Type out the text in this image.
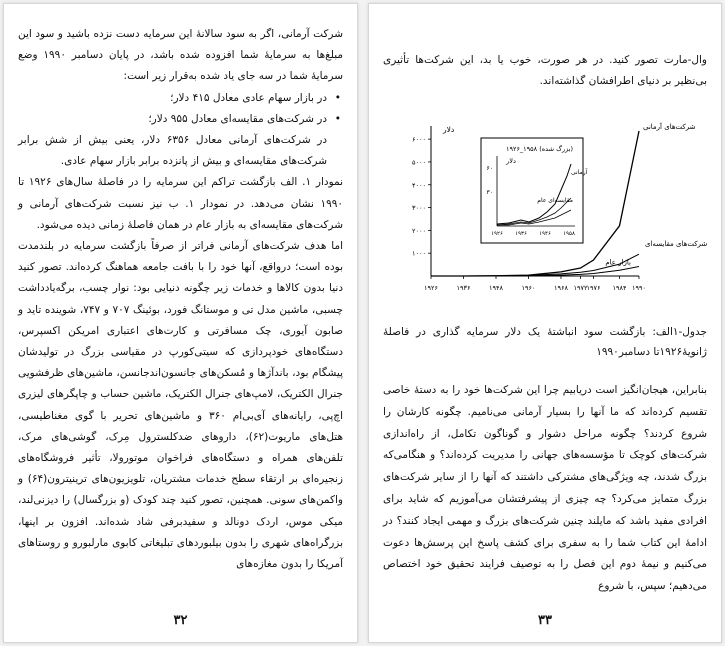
شرکت آرمانی، اگر به سود سالانهٔ این سرمایه دست نزده باشید و سود این مبلغ‌ها به سرمایهٔ شما افزوده شده باشد، در پایان دسامبر ۱۹۹۰ وضع سرمایهٔ شما در سه جای یاد شده به‌قرار زیر است:

• در بازار سهام عادی معادل ۴۱۵ دلار؛
• در شرکت‌های مقایسه‌ای معادل ۹۵۵ دلار؛

در شرکت‌های آرمانی معادل ۶۳۵۶ دلار، یعنی بیش از شش برابر شرکت‌های مقایسه‌ای و بیش از پانزده برابر بازار سهام عادی.

نمودار ۱. الف بازگشت تراکم این سرمایه را در فاصلهٔ سال‌های ۱۹۲۶ تا ۱۹۹۰ نشان می‌دهد. در نمودار ۱. ب نیز نسبت شرکت‌های آرمانی و شرکت‌های مقایسه‌ای به بازار عام در همان فاصلهٔ زمانی دیده می‌شود.

اما هدف شرکت‌های آرمانی فراتر از صرفاً بازگشت سرمایه در بلندمدت بوده است؛ درواقع، آنها خود را با بافت جامعه هماهنگ کرده‌اند. تصور کنید دنیا بدون کالاها و خدمات زیر چگونه دنیایی بود: نوار چسب، برگه‌یادداشت چسبی، ماشین مدل تی و موستانگ فورد، بوئینگ ۷۰۷ و ۷۴۷، شوینده تاید و صابون آیوری، چک مسافرتی و کارت‌های اعتباری امریکن اکسپرس، دستگاه‌های خودپردازی که سیتی‌کورپ در مقیاسی بزرگ در تولیدشان پیشگام بود، باندآژها و مُسکن‌های جانسون‌اندجانسن، ماشین‌های ظرفشویی جنرال الکتریک، لامپ‌های جنرال الکتریک، ماشین حساب و چاپگرهای لیزری اچ‌پی، رایانه‌های آی‌بی‌ام ۳۶۰ و ماشین‌های تحریر با گوی مغناطیسی، هتل‌های ماریوت(۶۲)، داروهای ضدکلسترول مِرک، گوشی‌های مرک، تلفن‌های همراه و دستگاه‌های فراخوان موتورولا، تأثیر فروشگاه‌های زنجیره‌ای بر ارتقاء سطح خدمات مشتریان، تلویزیون‌های ترینیترون(۶۴) و واکمن‌های سونی. همچنین، تصور کنید چند کودک (و بزرگسال) را دیزنی‌لند، میکی موس، اردک دونالد و سفیدبرفی شاد شده‌اند. افزون بر اینها، بزرگراه‌های شهری را بدون بیلبوردهای تبلیغاتی کابوی مارلبورو و روستاهای آمریکا را بدون مغازه‌های

۳۲
وال-مارت تصور کنید. در هر صورت، خوب یا بد، این شرکت‌ها تأثیری بی‌نظیر بر دنیای اطرافشان گذاشته‌اند.
۱۰۰۰
۲۰۰۰
۳۰۰۰
۴۰۰۰
۵۰۰۰
۶۰۰۰
۱۹۲۶	۱۹۳۶	۱۹۴۸	۱۹۶۰	۱۹۶۸ ۱۹۷۲ ۱۹۷۶ ۱۹۸۴ ۱۹۹۰
دلار	شرکت‌های آرمانی
شرکت‌های مقایسه‌ای
بازار عام
۱۹۲۶_۱۹۵۸ (بزرگ شده)
دلار
۶۰
۳۰
آرمانی
مقایسه‌ای عام
۱۹۲۶ ۱۹۳۶ ۱۹۴۶ ۱۹۵۸
جدول-۱الف: بازگشت سود انباشتهٔ یک دلار سرمایه گذاری در فاصلهٔ ژانویهٔ۱۹۲۶تا دسامبر۱۹۹۰
بنابراین، هیجان‌انگیز است دریابیم چرا این شرکت‌ها خود را به دستهٔ خاصی تقسیم کرده‌اند که ما آنها را بسیار آرمانی می‌نامیم. چگونه کارشان را شروع کردند؟ چگونه مراحل دشوار و گوناگون تکامل، از راه‌اندازی شرکت‌های کوچک تا مؤسسه‌های جهانی را مدیریت کرده‌اند؟ و هنگامی‌که بزرگ شدند، چه ویژگی‌های مشترکی داشتند که آنها را از سایر شرکت‌های بزرگ متمایز می‌کرد؟ چه چیزی از پیشرفتشان می‌آموزیم که شاید برای افرادی مفید باشد که مایلند چنین شرکت‌های بزرگ و مهمی ایجاد کنند؟ در ادامهٔ این کتاب شما را به سفری برای کشف پاسخ این پرسش‌ها دعوت می‌کنیم و نیمهٔ دوم این فصل را به توصیف فرایند تحقیق خود اختصاص می‌دهیم؛ سپس، با شروع
۳۳
